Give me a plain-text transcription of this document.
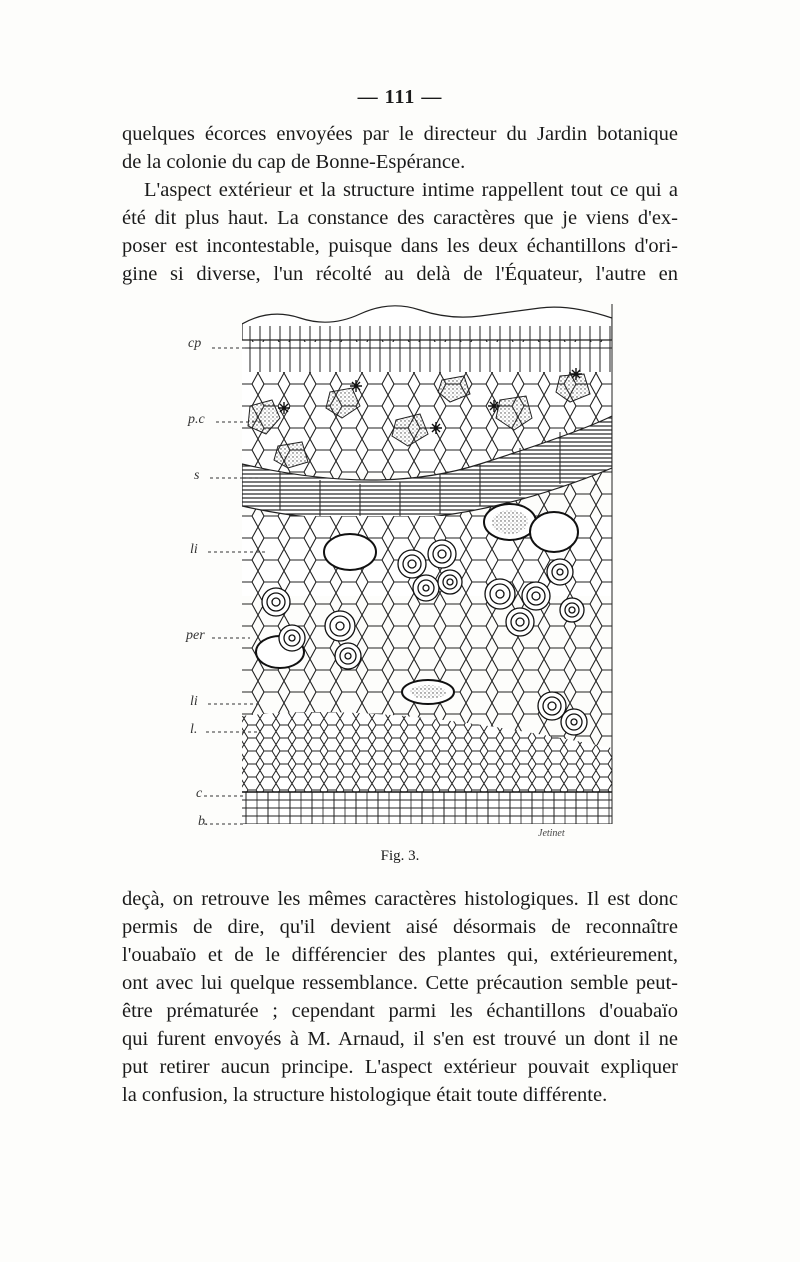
— 111 —
quelques écorces envoyées par le directeur du Jardin botanique
de la colonie du cap de Bonne-Espérance.
L'aspect extérieur et la structure intime rappellent tout ce qui a
été dit plus haut. La constance des caractères que je viens d'ex-
poser est incontestable, puisque dans les deux échantillons d'ori-
gine si diverse, l'un récolté au delà de l'Équateur, l'autre en
cp
p.c
s
li
per
li
l.
c
b.
Jetinet
Fig. 3.
deçà, on retrouve les mêmes caractères histologiques. Il est donc
permis de dire, qu'il devient aisé désormais de reconnaître
l'ouabaïo et de le différencier des plantes qui, extérieurement,
ont avec lui quelque ressemblance. Cette précaution semble peut-
être prématurée ; cependant parmi les échantillons d'ouabaïo
qui furent envoyés à M. Arnaud, il s'en est trouvé un dont il ne
put retirer aucun principe. L'aspect extérieur pouvait expliquer
la confusion, la structure histologique était toute différente.
